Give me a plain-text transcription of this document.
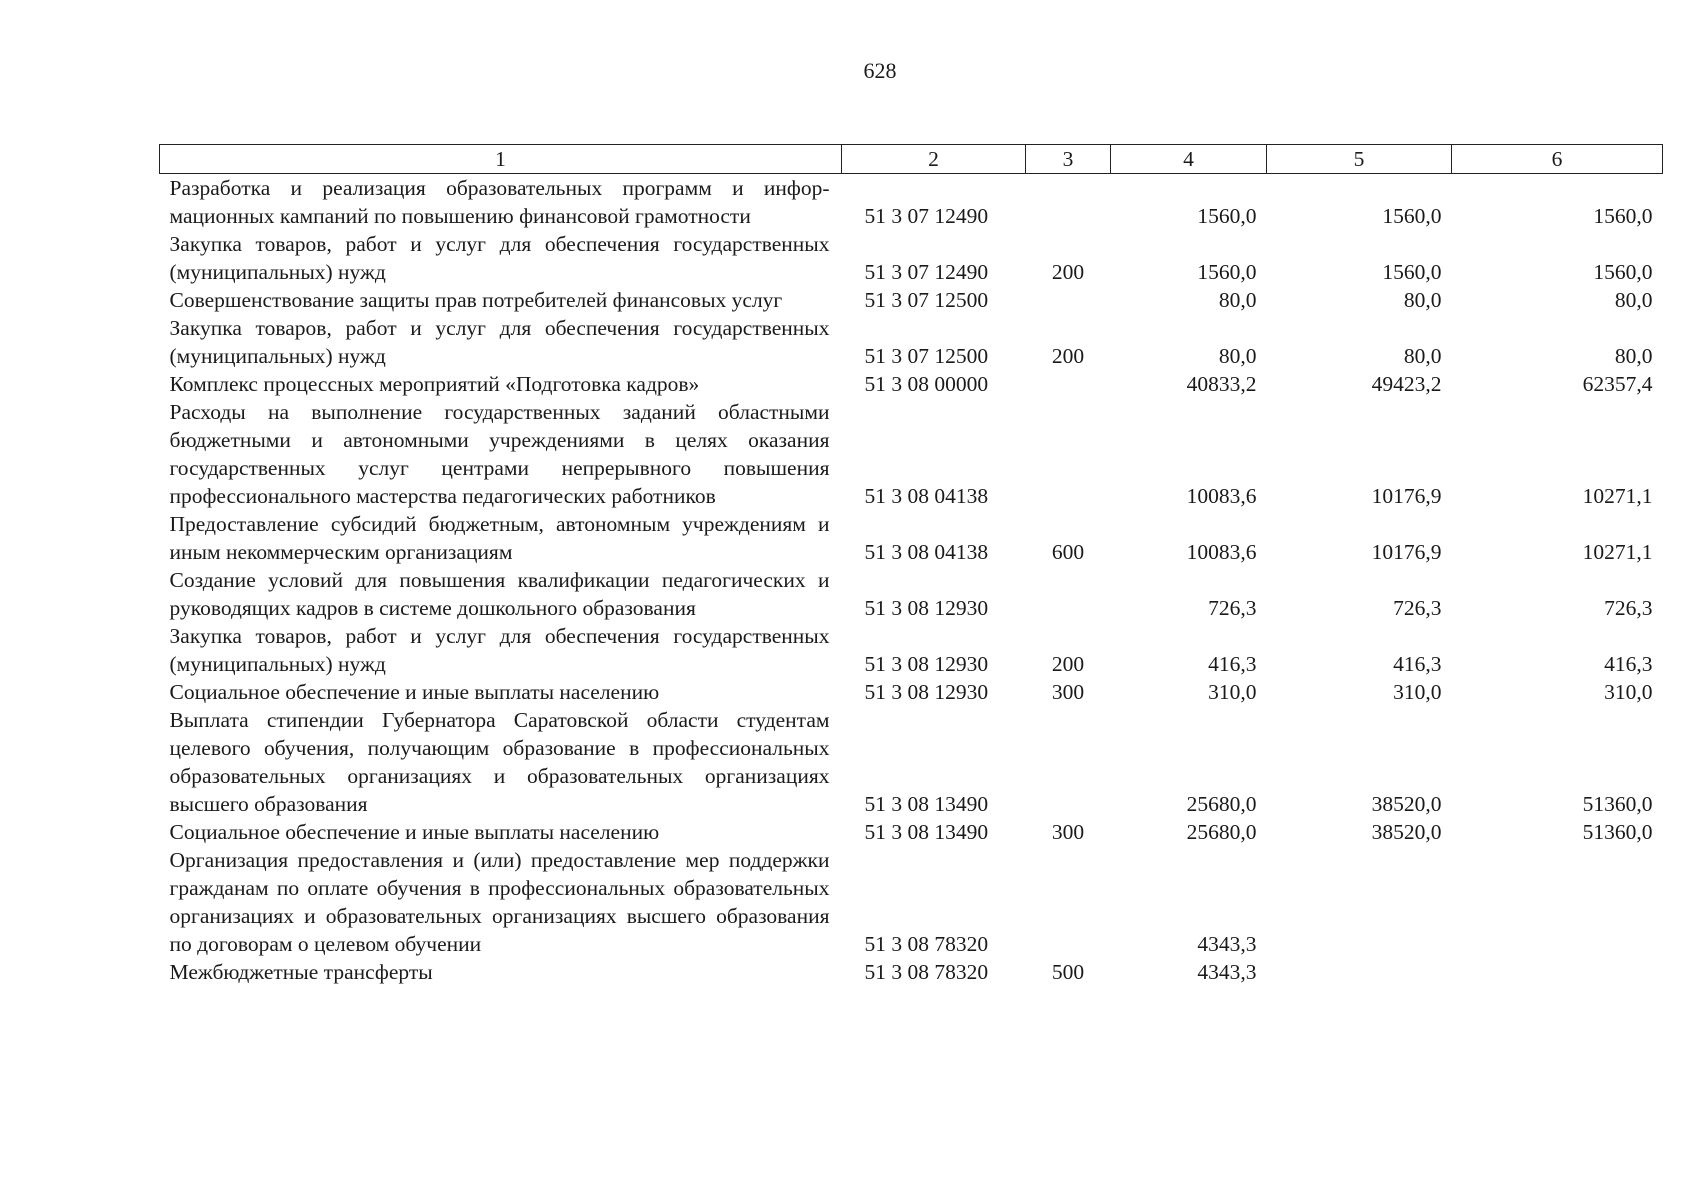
628
1	2	3	4	5	6
Разработка и реализация образовательных программ и информационных кампаний по повышению финансовой грамотности	51 3 07 12490		1560,0	1560,0	1560,0
Закупка товаров, работ и услуг для обеспечения государственных (муниципальных) нужд	51 3 07 12490	200	1560,0	1560,0	1560,0
Совершенствование защиты прав потребителей финансовых услуг	51 3 07 12500		80,0	80,0	80,0
Закупка товаров, работ и услуг для обеспечения государственных (муниципальных) нужд	51 3 07 12500	200	80,0	80,0	80,0
Комплекс процессных мероприятий «Подготовка кадров»	51 3 08 00000		40833,2	49423,2	62357,4
Расходы на выполнение государственных заданий областными бюджетными и автономными учреждениями в целях оказания государственных услуг центрами непрерывного повышения профессионального мастерства педагогических работников	51 3 08 04138		10083,6	10176,9	10271,1
Предоставление субсидий бюджетным, автономным учреждениям и иным некоммерческим организациям	51 3 08 04138	600	10083,6	10176,9	10271,1
Создание условий для повышения квалификации педагогических и руководящих кадров в системе дошкольного образования	51 3 08 12930		726,3	726,3	726,3
Закупка товаров, работ и услуг для обеспечения государственных (муниципальных) нужд	51 3 08 12930	200	416,3	416,3	416,3
Социальное обеспечение и иные выплаты населению	51 3 08 12930	300	310,0	310,0	310,0
Выплата стипендии Губернатора Саратовской области студентам целевого обучения, получающим образование в профессиональных образовательных организациях и образовательных организациях высшего образования	51 3 08 13490		25680,0	38520,0	51360,0
Социальное обеспечение и иные выплаты населению	51 3 08 13490	300	25680,0	38520,0	51360,0
Организация предоставления и (или) предоставление мер поддержки гражданам по оплате обучения в профессиональных образовательных организациях и образовательных организациях высшего образования по договорам о целевом обучении	51 3 08 78320		4343,3		
Межбюджетные трансферты	51 3 08 78320	500	4343,3		
